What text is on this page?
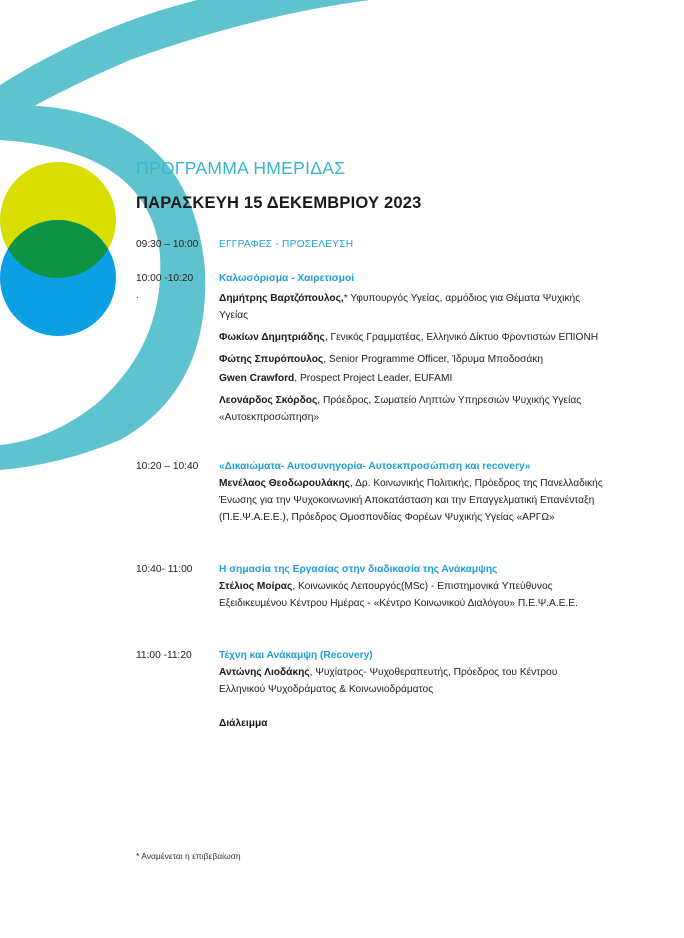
ΠΡΟΓΡΑΜΜΑ ΗΜΕΡΙΔΑΣ
ΠΑΡΑΣΚΕΥΗ 15 ΔΕΚΕΜΒΡΙΟΥ 2023
09:30 – 10:00 ΕΓΓΡΑΦΕΣ - ΠΡΟΣΕΛΕΥΣΗ
10:00 -10:20
.
Καλωσόρισμα - Χαιρετισμοί
Δημήτρης Βαρτζόπουλος,* Υφυπουργός Υγείας, αρμόδιος για Θέματα Ψυχικής Υγείας
Φωκίων Δημητριάδης, Γενικός Γραμματέας, Ελληνικό Δίκτυο Φροντιστών ΕΠΙΟΝΗ
Φώτης Σπυρόπουλος, Senior Programme Officer, Ίδρυμα Μποδοσάκη
Gwen Crawford, Prospect Project Leader, EUFAMI
Λεονάρδος Σκόρδος, Πρόεδρος, Σωματείο Ληπτών Υπηρεσιών Ψυχικής Υγείας «Αυτοεκπροσώπηση»
10:20 – 10:40 «Δικαιώματα- Αυτοσυνηγορία- Αυτοεκπροσώπιση και recovery»
Μενέλαος Θεοδωρουλάκης, Δρ. Κοινωνικής Πολιτικής, Πρόεδρος της Πανελλαδικής Ένωσης για την Ψυχοκοινωνική Αποκατάσταση και την Επαγγελματική Επανένταξη (Π.Ε.Ψ.Α.Ε.Ε.), Πρόεδρος Ομοσπονδίας Φορέων Ψυχικής Υγείας «ΑΡΓΩ»
10:40- 11:00	Η σημασία της Εργασίας στην διαδικασία της Ανάκαμψης
Στέλιος Μοίρας, Κοινωνικός Λειτουργός(MSc) - Επιστημονικά Υπεύθυνος Εξειδικευμένου Κέντρου Ημέρας - «Κέντρο Κοινωνικού Διαλόγου» Π.Ε.Ψ.Α.Ε.Ε.
11:00 -11:20	Τέχνη και Ανάκαμψη (Recovery)
Αντώνης Λιοδάκης, Ψυχίατρος- Ψυχοθεραπευτής, Πρόεδρος του Κέντρου Ελληνικού Ψυχοδράματος & Κοινωνιοδράματος
Διάλειμμα
* Αναμένεται η επιβεβαίωση
